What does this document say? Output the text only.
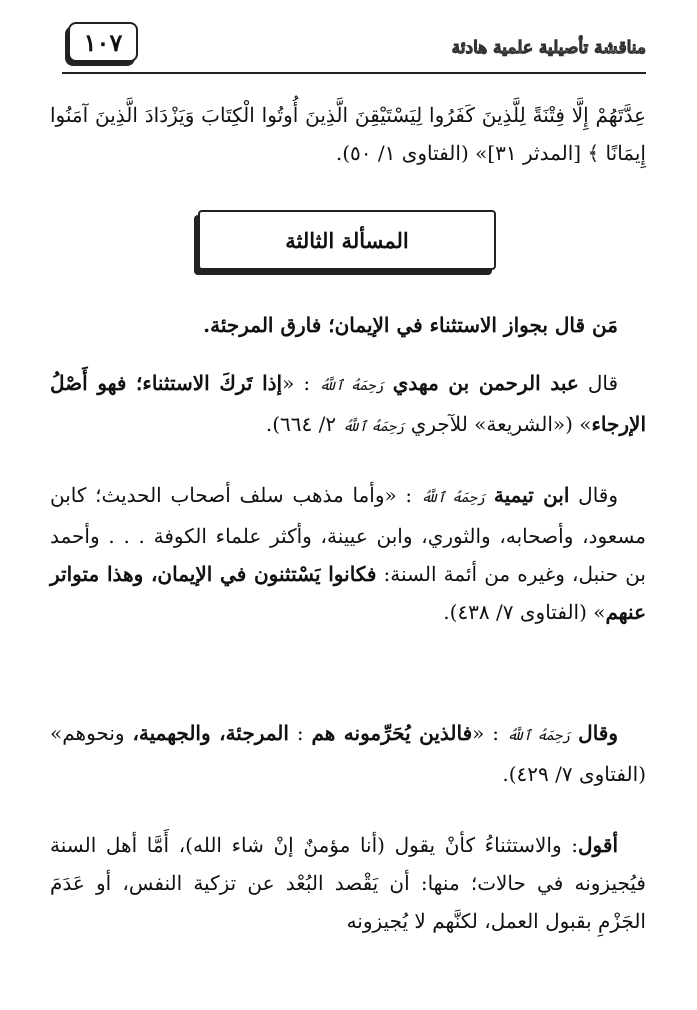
١٠٧	مناقشة تأصيلية علمية هادئة

عِدَّتَهُمْ إِلَّا فِتْنَةً لِلَّذِينَ كَفَرُوا لِيَسْتَيْقِنَ الَّذِينَ أُوتُوا الْكِتَابَ وَيَزْدَادَ الَّذِينَ آمَنُوا إِيمَانًا ﴾ [المدثر ٣١]» (الفتاوى ١/ ٥٠).

المسألة الثالثة

مَن قال بجواز الاستثناء في الإيمان؛ فارق المرجئة.

قال عبد الرحمن بن مهدي رَحِمَهُ ٱللَّهُ : «إذا تَركَ الاستثناء؛ فهو أَصْلُ الإرجاء» («الشريعة» للآجري رَحِمَهُ ٱللَّهُ ٢/ ٦٦٤).

وقال ابن تيمية رَحِمَهُ ٱللَّهُ : «وأما مذهب سلف أصحاب الحديث؛ كابن مسعود، وأصحابه، والثوري، وابن عيينة، وأكثر علماء الكوفة . . . وأحمد بن حنبل، وغيره من أئمة السنة: فكانوا يَسْتثنون في الإيمان، وهذا متواتر عنهم» (الفتاوى ٧/ ٤٣٨).

وقال رَحِمَهُ ٱللَّهُ : «فالذين يُحَرِّمونه هم : المرجئة، والجهمية، ونحوهم» (الفتاوى ٧/ ٤٢٩).

أقول: والاستثناءُ كأنْ يقول (أنا مؤمنٌ إنْ شاء الله)، أَمَّا أهل السنة فيُجيزونه في حالات؛ منها: أن يَقْصد البُعْد عن تزكية النفس، أو عَدَمَ الجَزْمِ بقبول العمل، لكنَّهم لا يُجيزونه
